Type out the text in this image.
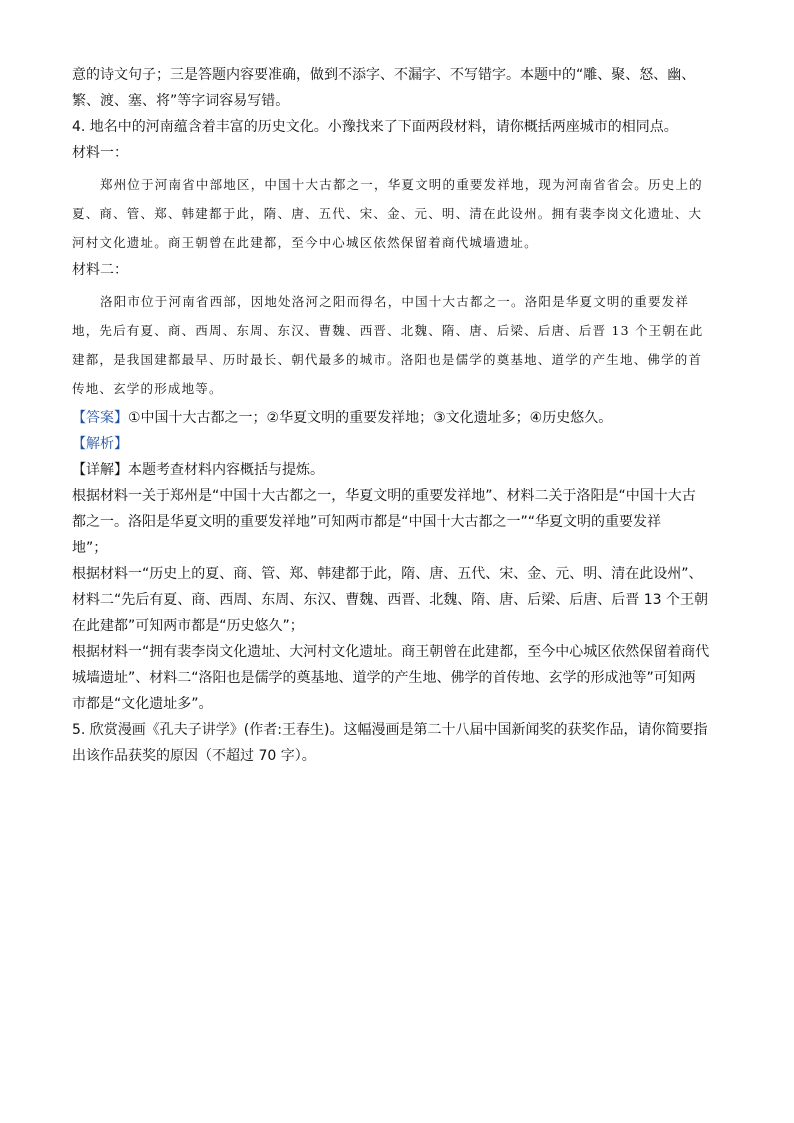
意的诗文句子；三是答题内容要准确，做到不添字、不漏字、不写错字。本题中的“雕、聚、怒、幽、
繁、渡、塞、将”等字词容易写错。
4. 地名中的河南蕴含着丰富的历史文化。小豫找来了下面两段材料，请你概括两座城市的相同点。
材料一：
郑州位于河南省中部地区，中国十大古都之一，华夏文明的重要发祥地，现为河南省省会。历史上的
夏、商、管、郑、韩建都于此，隋、唐、五代、宋、金、元、明、清在此设州。拥有裴李岗文化遗址、大
河村文化遗址。商王朝曾在此建都，至今中心城区依然保留着商代城墙遗址。
材料二：
洛阳市位于河南省西部，因地处洛河之阳而得名，中国十大古都之一。洛阳是华夏文明的重要发祥
地，先后有夏、商、西周、东周、东汉、曹魏、西晋、北魏、隋、唐、后梁、后唐、后晋 13 个王朝在此
建都，是我国建都最早、历时最长、朝代最多的城市。洛阳也是儒学的奠基地、道学的产生地、佛学的首
传地、玄学的形成地等。
【答案】①中国十大古都之一；②华夏文明的重要发祥地；③文化遗址多；④历史悠久。
【解析】
【详解】本题考查材料内容概括与提炼。
根据材料一关于郑州是“中国十大古都之一，华夏文明的重要发祥地”、材料二关于洛阳是“中国十大古
都之一。洛阳是华夏文明的重要发祥地”可知两市都是“中国十大古都之一”“华夏文明的重要发祥
地”；
根据材料一“历史上的夏、商、管、郑、韩建都于此，隋、唐、五代、宋、金、元、明、清在此设州”、
材料二“先后有夏、商、西周、东周、东汉、曹魏、西晋、北魏、隋、唐、后梁、后唐、后晋 13 个王朝
在此建都”可知两市都是“历史悠久”；
根据材料一“拥有裴李岗文化遗址、大河村文化遗址。商王朝曾在此建都，至今中心城区依然保留着商代
城墙遗址”、材料二“洛阳也是儒学的奠基地、道学的产生地、佛学的首传地、玄学的形成池等”可知两
市都是“文化遗址多”。
5. 欣赏漫画《孔夫子讲学》(作者:王春生)。这幅漫画是第二十八届中国新闻奖的获奖作品，请你简要指
出该作品获奖的原因（不超过 70 字）。
